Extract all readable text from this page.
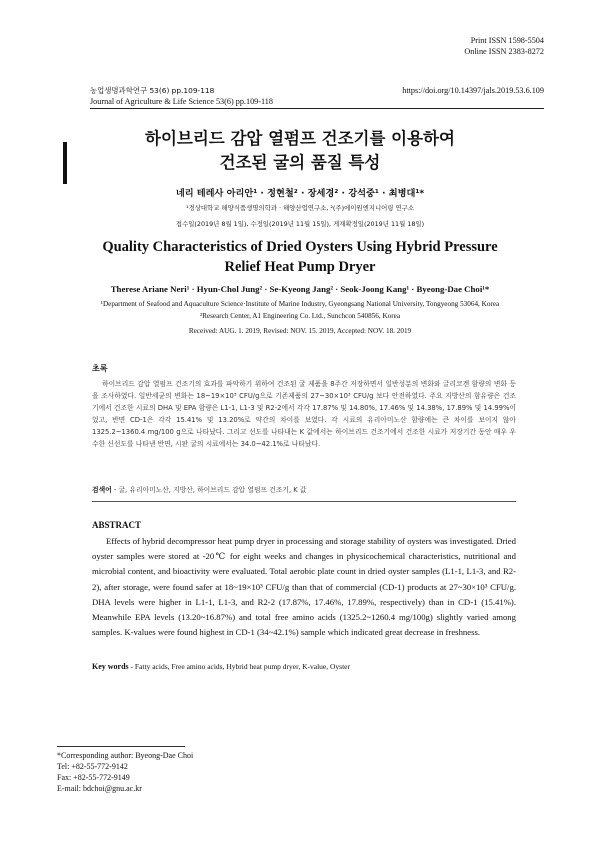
Print ISSN 1598-5504
Online ISSN 2383-8272
농업생명과학연구 53(6) pp.109-118	https://doi.org/10.14397/jals.2019.53.6.109
Journal of Agriculture & Life Science 53(6) pp.109-118
하이브리드 감압 열펌프 건조기를 이용하여
건조된 굴의 품질 특성
네리 테레사 아리안¹ · 정현철² · 장세경² · 강석중¹ · 최병대¹*
¹경상대학교 해양식품생명의학과 · 해양산업연구소, ²(주)에이원엔지니어링 연구소
접수일(2019년 8월 1일), 수정일(2019년 11월 15일), 게재확정일(2019년 11월 18일)
Quality Characteristics of Dried Oysters Using Hybrid Pressure
Relief Heat Pump Dryer
Therese Ariane Neri¹ · Hyun-Chol Jung² · Se-Kyeong Jang² · Seok-Joong Kang¹ · Byeong-Dae Choi¹*
¹Department of Seafood and Aquaculture Science·Institute of Marine Industry, Gyeongsang National University, Tongyeong 53064, Korea
²Research Center, A1 Engineering Co. Ltd., Sunchcon 540856, Korea
Received: AUG. 1. 2019, Revised: NOV. 15. 2019, Accepted: NOV. 18. 2019
초록
하이브리드 감압 열펌프 건조기의 효과를 파악하기 위하여 건조된 굴 제품을 8주간 저장하면서 일반성분의 변화와 글리코겐 함량의 변화 등을 조사하였다. 일반세균의 변화는 18~19×10³ CFU/g으로 기존제품의 27~30×10³ CFU/g 보다 안전하였다. 주요 지방산의 함유량은 건조기에서 건조한 시료의 DHA 및 EPA 함량은 L1-1, L1-3 및 R2-2에서 각각 17.87% 및 14.80%, 17.46% 및 14.38%, 17.89% 및 14.99%이었고, 반면 CD-1은 각각 15.41% 및 13.20%로 약간의 차이를 보였다. 각 시료의 유리아미노산 함량에는 큰 차이를 보이지 않아 1325.2~1360.4 mg/100 g으로 나타났다. 그리고 선도를 나타내는 K 값에서는 하이브리드 건조기에서 건조한 시료가 저장기간 동안 매우 우수한 신선도를 나타낸 반면, 시판 굴의 시료에서는 34.0~42.1%로 나타났다.
검색어 - 굴, 유리아미노산, 지방산, 하이브리드 감압 열펌프 건조기, K 값
ABSTRACT
Effects of hybrid decompressor heat pump dryer in processing and storage stability of oysters was investigated. Dried oyster samples were stored at -20℃ for eight weeks and changes in physicochemical characteristics, nutritional and microbial content, and bioactivity were evaluated. Total aerobic plate count in dried oyster samples (L1-1, L1-3, and R2-2), after storage, were found safer at 18~19×10³ CFU/g than that of commercial (CD-1) products at 27~30×10³ CFU/g. DHA levels were higher in L1-1, L1-3, and R2-2 (17.87%, 17.46%, 17.89%, respectively) than in CD-1 (15.41%). Meanwhile EPA levels (13.20~16.87%) and total free amino acids (1325.2~1260.4 mg/100g) slightly varied among samples. K-values were found highest in CD-1 (34~42.1%) sample which indicated great decrease in freshness.
Key words - Fatty acids, Free amino acids, Hybrid heat pump dryer, K-value, Oyster
*Corresponding author: Byeong-Dae Choi
Tel: +82-55-772-9142
Fax: +82-55-772-9149
E-mail: bdchoi@gnu.ac.kr
